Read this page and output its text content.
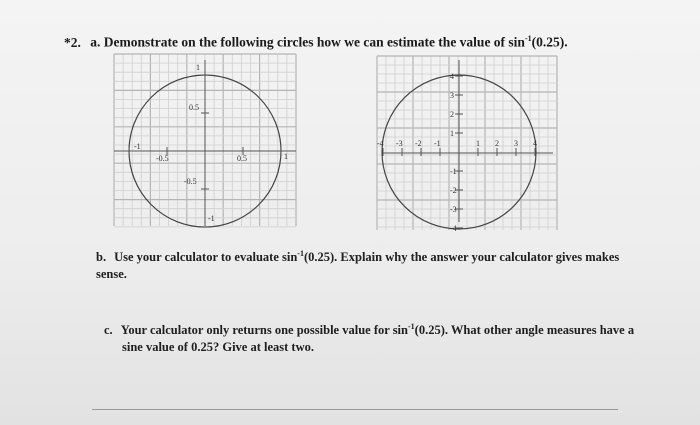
*2. a. Demonstrate on the following circles how we can estimate the value of $\sin^{-1}(0.25)$.
1
-1
1
-1
0.5
-0.5
-0.5	0.5
4
3
2
1
-1
-2
-3
-4
-4 -3 -2 -1	1 2 3 4
b. Use your calculator to evaluate $\sin^{-1}(0.25)$. Explain why the answer your calculator gives makes
sense.
c. Your calculator only returns one possible value for $\sin^{-1}(0.25)$. What other angle measures have a
sine value of 0.25? Give at least two.
